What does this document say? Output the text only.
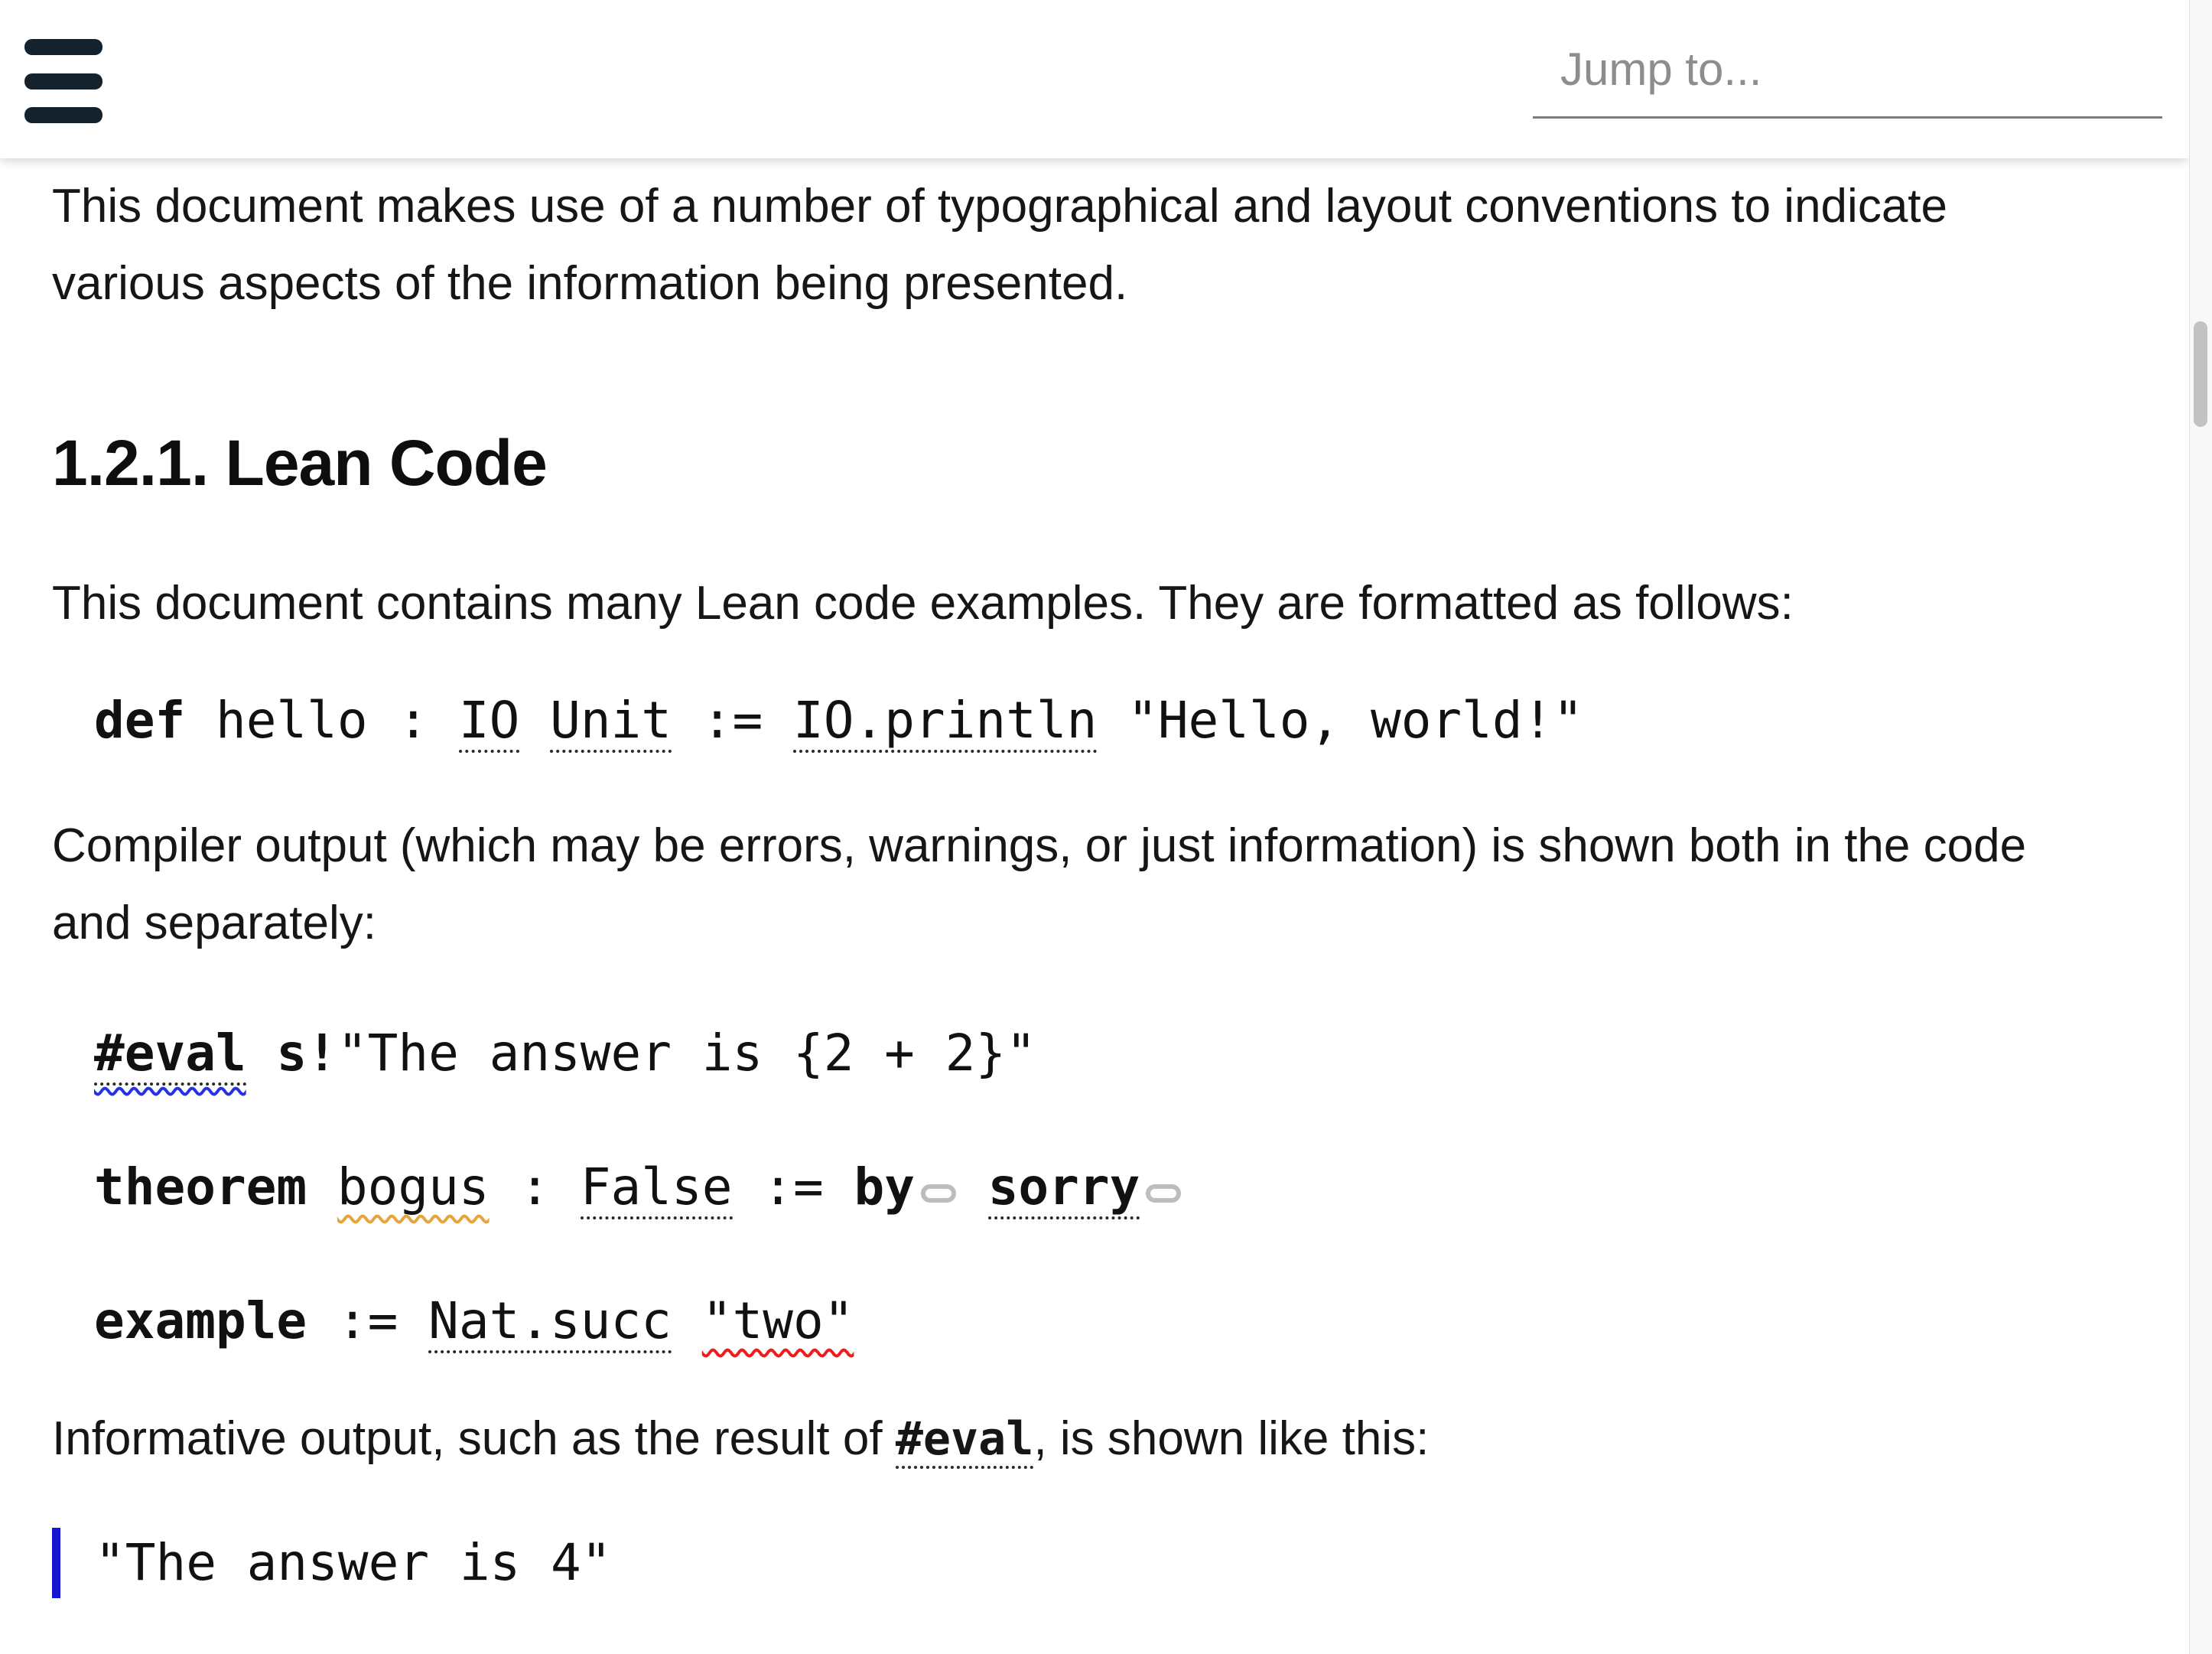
Jump to...
This document makes use of a number of typographical and layout conventions to indicate
various aspects of the information being presented.
1.2.1. Lean Code
This document contains many Lean code examples. They are formatted as follows:
def hello : IO Unit := IO.println "Hello, world!"
Compiler output (which may be errors, warnings, or just information) is shown both in the code
and separately:
#eval s!"The answer is {2 + 2}"
theorem bogus : False := by sorry
example := Nat.succ "two"
Informative output, such as the result of #eval, is shown like this:
"The answer is 4"
